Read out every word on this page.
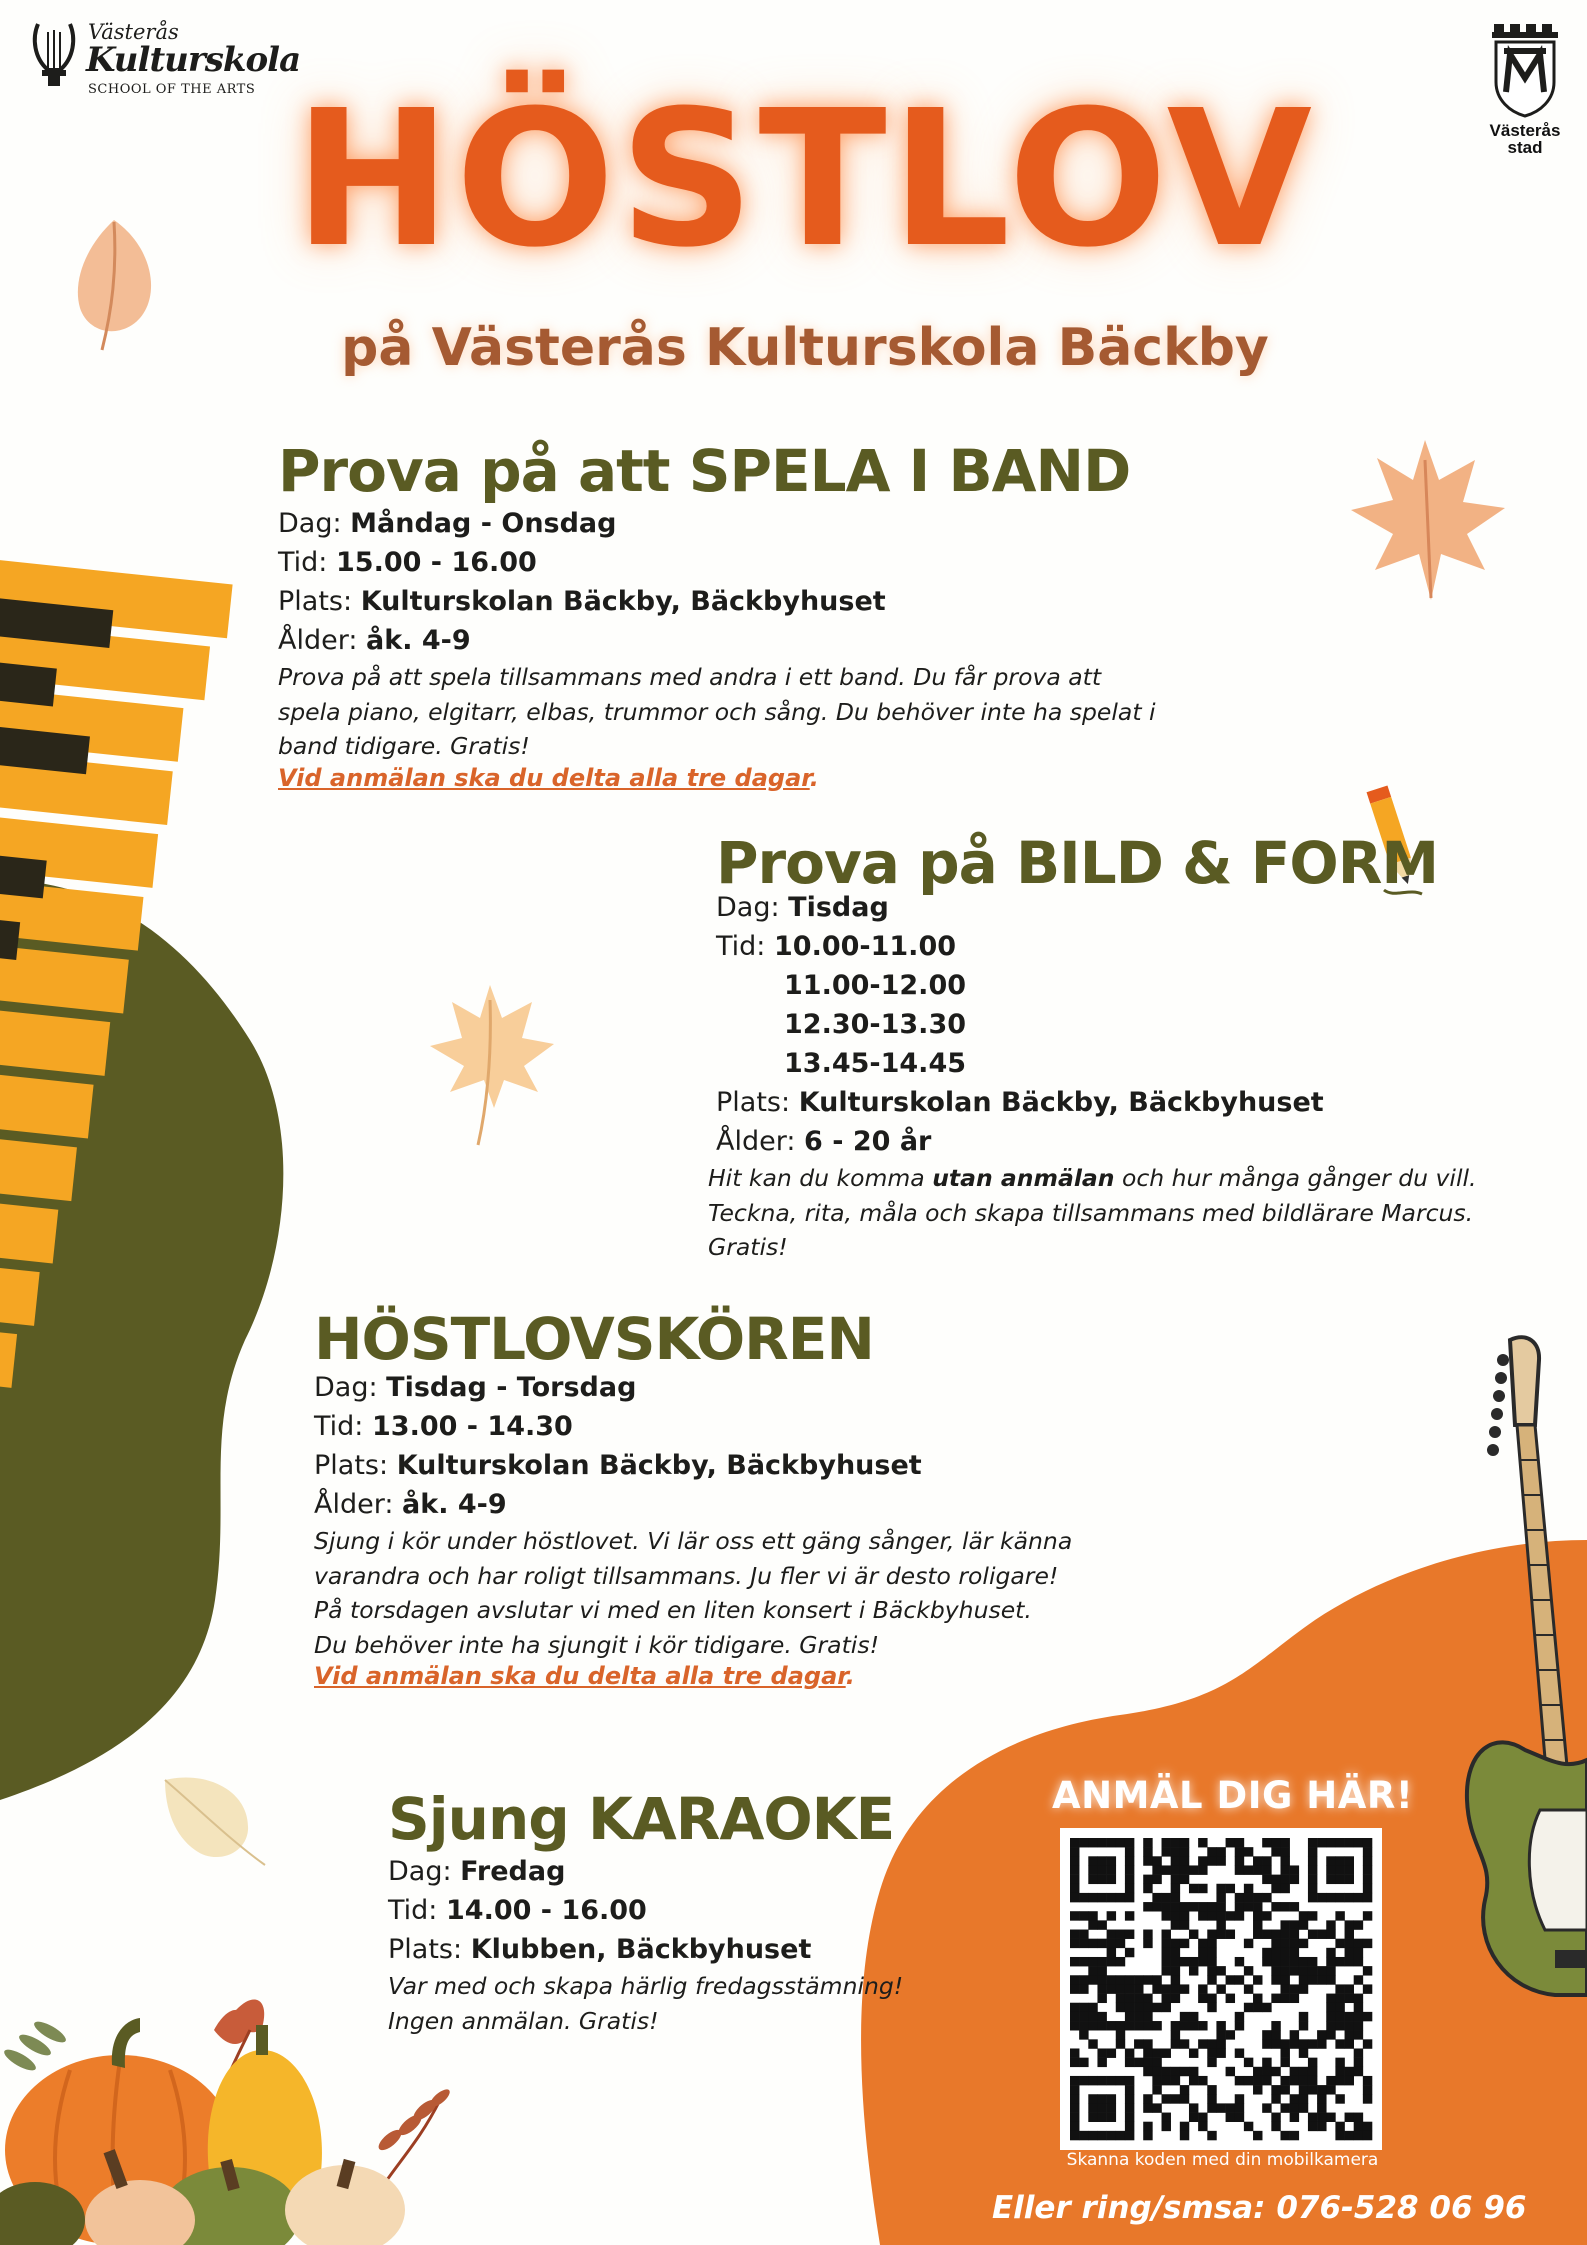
Västerås
Kulturskola
SCHOOL OF THE ARTS
Västerås
stad
HÖSTLOV
på Västerås Kulturskola Bäckby
Prova på att SPELA I BAND
Dag: Måndag - Onsdag
Tid: 15.00 - 16.00
Plats: Kulturskolan Bäckby, Bäckbyhuset
Ålder: åk. 4-9
Prova på att spela tillsammans med andra i ett band. Du får prova att
spela piano, elgitarr, elbas, trummor och sång. Du behöver inte ha spelat i
band tidigare. Gratis!
Vid anmälan ska du delta alla tre dagar.
Prova på BILD & FORM
Dag: Tisdag
Tid: 10.00-11.00
11.00-12.00
12.30-13.30
13.45-14.45
Plats: Kulturskolan Bäckby, Bäckbyhuset
Ålder: 6 - 20 år
Hit kan du komma utan anmälan och hur många gånger du vill.
Teckna, rita, måla och skapa tillsammans med bildlärare Marcus.
Gratis!
HÖSTLOVSKÖREN
Dag: Tisdag - Torsdag
Tid: 13.00 - 14.30
Plats: Kulturskolan Bäckby, Bäckbyhuset
Ålder: åk. 4-9
Sjung i kör under höstlovet. Vi lär oss ett gäng sånger, lär känna
varandra och har roligt tillsammans. Ju fler vi är desto roligare!
På torsdagen avslutar vi med en liten konsert i Bäckbyhuset.
Du behöver inte ha sjungit i kör tidigare. Gratis!
Vid anmälan ska du delta alla tre dagar.
Sjung KARAOKE
Dag: Fredag
Tid: 14.00 - 16.00
Plats: Klubben, Bäckbyhuset
Var med och skapa härlig fredagsstämning!
Ingen anmälan. Gratis!
ANMÄL DIG HÄR!
Skanna koden med din mobilkamera
Eller ring/smsa: 076-528 06 96
